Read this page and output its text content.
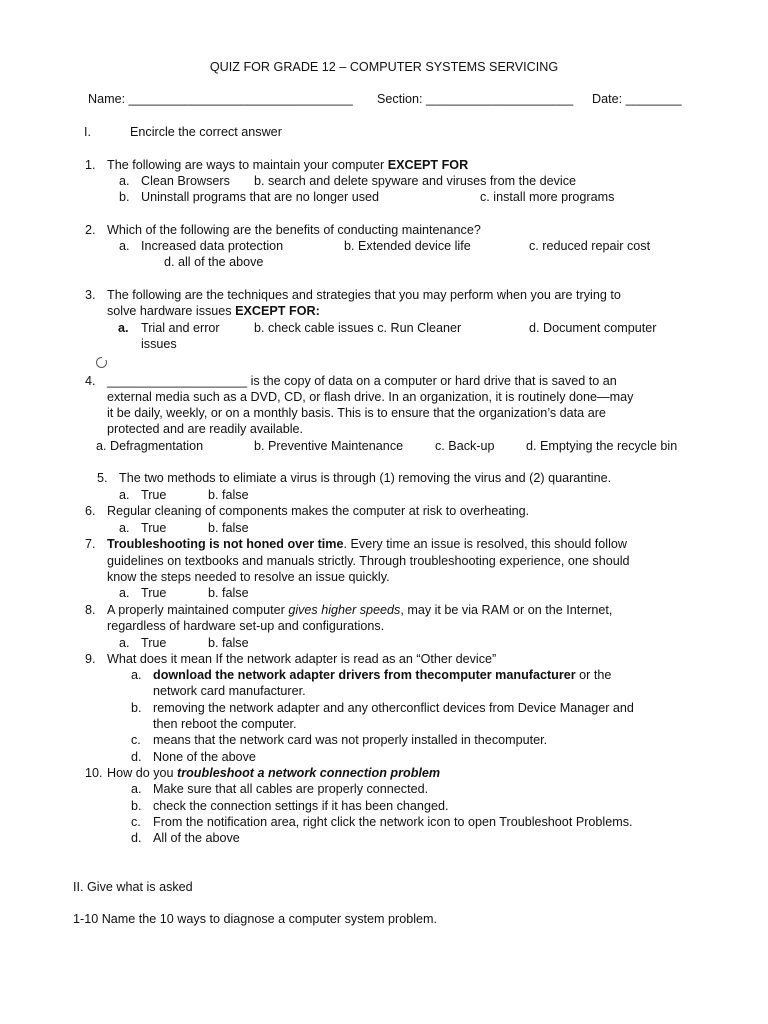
QUIZ FOR GRADE 12 – COMPUTER SYSTEMS SERVICING
Name: ________________________________ Section: _____________________ Date: ________
I.	Encircle the correct answer
1. The following are ways to maintain your computer EXCEPT FOR
a. Clean Browsers b. search and delete spyware and viruses from the device
b. Uninstall programs that are no longer used	c. install more programs
2. Which of the following are the benefits of conducting maintenance?
a. Increased data protection	b. Extended device life	c. reduced repair cost
d. all of the above
3. The following are the techniques and strategies that you may perform when you are trying to
solve hardware issues EXCEPT FOR:
a. Trial and error	b. check cable issues c. Run Cleaner	d. Document computer
issues
4. ____________________ is the copy of data on a computer or hard drive that is saved to an
external media such as a DVD, CD, or flash drive. In an organization, it is routinely done—may
it be daily, weekly, or on a monthly basis. This is to ensure that the organization’s data are
protected and are readily available.
a. Defragmentation	b. Preventive Maintenance	c. Back-up	d. Emptying the recycle bin
5. The two methods to elimiate a virus is through (1) removing the virus and (2) quarantine.
a. True	b. false
6. Regular cleaning of components makes the computer at risk to overheating.
a. True	b. false
7. Troubleshooting is not honed over time. Every time an issue is resolved, this should follow
guidelines on textbooks and manuals strictly. Through troubleshooting experience, one should
know the steps needed to resolve an issue quickly.
a. True	b. false
8. A properly maintained computer gives higher speeds, may it be via RAM or on the Internet,
regardless of hardware set-up and configurations.
a. True	b. false
9. What does it mean If the network adapter is read as an “Other device”
a. download the network adapter drivers from thecomputer manufacturer or the
network card manufacturer.
b. removing the network adapter and any otherconflict devices from Device Manager and
then reboot the computer.
c. means that the network card was not properly installed in thecomputer.
d. None of the above
10. How do you troubleshoot a network connection problem
a. Make sure that all cables are properly connected.
b. check the connection settings if it has been changed.
c. From the notification area, right click the network icon to open Troubleshoot Problems.
d. All of the above
II. Give what is asked
1-10 Name the 10 ways to diagnose a computer system problem.
